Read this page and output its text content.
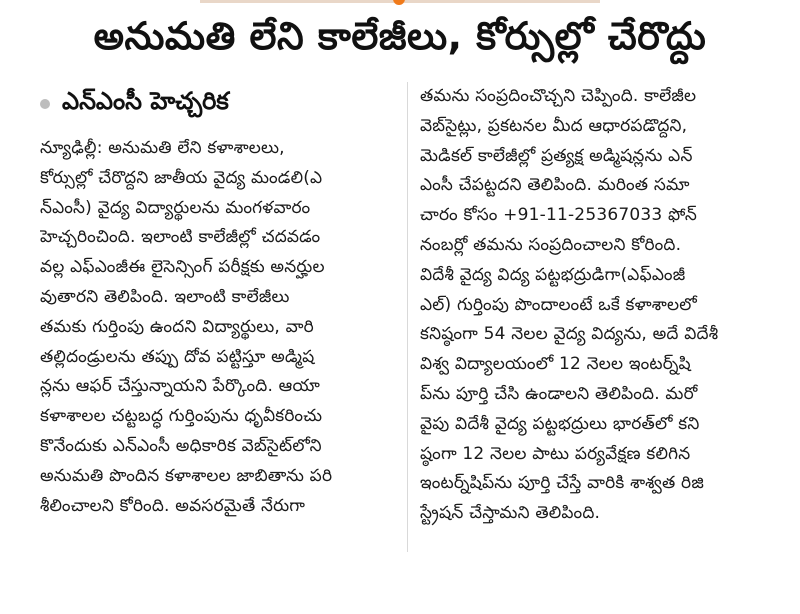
అనుమతి లేని కాలేజీలు, కోర్సుల్లో చేరొద్దు
ఎన్‌ఎంసీ హెచ్చరిక
న్యూఢిల్లీ: అనుమతి లేని కళాశాలలు,
కోర్సుల్లో చేరొద్దని జాతీయ వైద్య మండలి(ఎ
న్‌ఎంసీ) వైద్య విద్యార్థులను మంగళవారం
హెచ్చరించింది. ఇలాంటి కాలేజీల్లో చదవడం
వల్ల ఎఫ్‌ఎంజీఈ లైసెన్సింగ్ పరీక్షకు అనర్హుల
వుతారని తెలిపింది. ఇలాంటి కాలేజీలు
తమకు గుర్తింపు ఉందని విద్యార్థులు, వారి
తల్లిదండ్రులను తప్పు దోవ పట్టిస్తూ అడ్మిష
న్లను ఆఫర్ చేస్తున్నాయని పేర్కొంది. ఆయా
కళాశాలల చట్టబద్ధ గుర్తింపును ధృవీకరించు
కొనేందుకు ఎన్‌ఎంసీ అధికారిక వెబ్‌సైట్‌లోని
అనుమతి పొందిన కళాశాలల జాబితాను పరి
శీలించాలని కోరింది. అవసరమైతే నేరుగా
తమను సంప్రదించొచ్చని చెప్పింది. కాలేజీల
వెబ్‌సైట్లు, ప్రకటనల మీద ఆధారపడొద్దని,
మెడికల్ కాలేజీల్లో ప్రత్యక్ష అడ్మిషన్లను ఎన్
ఎంసీ చేపట్టదని తెలిపింది. మరింత సమా
చారం కోసం +91-11-25367033 ఫోన్
నంబర్లో తమను సంప్రదించాలని కోరింది.
విదేశీ వైద్య విద్య పట్టభద్రుడిగా(ఎఫ్‌ఎంజీ
ఎల్) గుర్తింపు పొందాలంటే ఒకే కళాశాలలో
కనిష్ఠంగా 54 నెలల వైద్య విద్యను, అదే విదేశీ
విశ్వ విద్యాలయంలో 12 నెలల ఇంటర్న్‌షి
ప్‌ను పూర్తి చేసి ఉండాలని తెలిపింది. మరో
వైపు విదేశీ వైద్య పట్టభద్రులు భారత్‌లో కని
ష్ఠంగా 12 నెలల పాటు పర్యవేక్షణ కలిగిన
ఇంటర్న్‌షిప్‌ను పూర్తి చేస్తే వారికి శాశ్వత రిజి
స్ట్రేషన్ చేస్తామని తెలిపింది.
